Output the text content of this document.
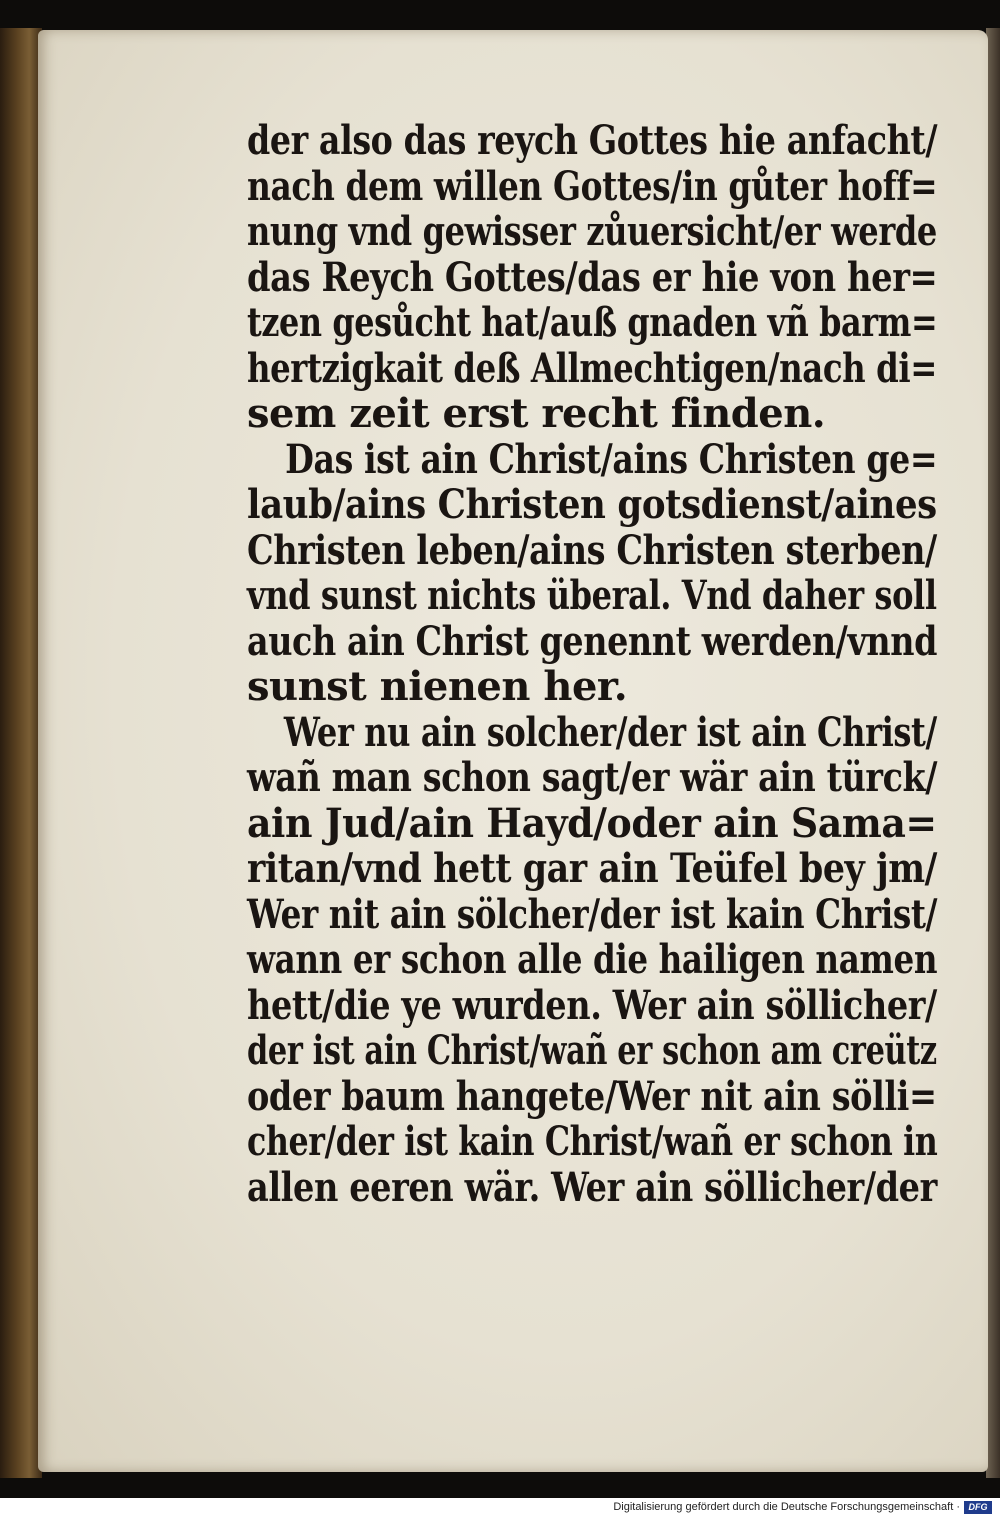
der also das reych Gottes hie anfacht/
nach dem willen Gottes/in gůter hoff=
nung vnd gewisser zůuersicht/er werde
das Reych Gottes/das er hie von her=
tzen gesůcht hat/auß gnaden vñ barm=
hertzigkait deß Allmechtigen/nach di=
sem zeit erst recht finden.
Das ist ain Christ/ains Christen ge=
laub/ains Christen gotsdienst/aines
Christen leben/ains Christen sterben/
vnd sunst nichts überal. Vnd daher soll
auch ain Christ genennt werden/vnnd
sunst nienen her.
Wer nu ain solcher/der ist ain Christ/
wañ man schon sagt/er wär ain türck/
ain Jud/ain Hayd/oder ain Sama=
ritan/vnd hett gar ain Teüfel bey jm/
Wer nit ain sölcher/der ist kain Christ/
wann er schon alle die hailigen namen
hett/die ye wurden. Wer ain söllicher/
der ist ain Christ/wañ er schon am creütz
oder baum hangete/Wer nit ain sölli=
cher/der ist kain Christ/wañ er schon in
allen eeren wär. Wer ain söllicher/der
Digitalisierung gefördert durch die Deutsche Forschungsgemeinschaft · DFG
